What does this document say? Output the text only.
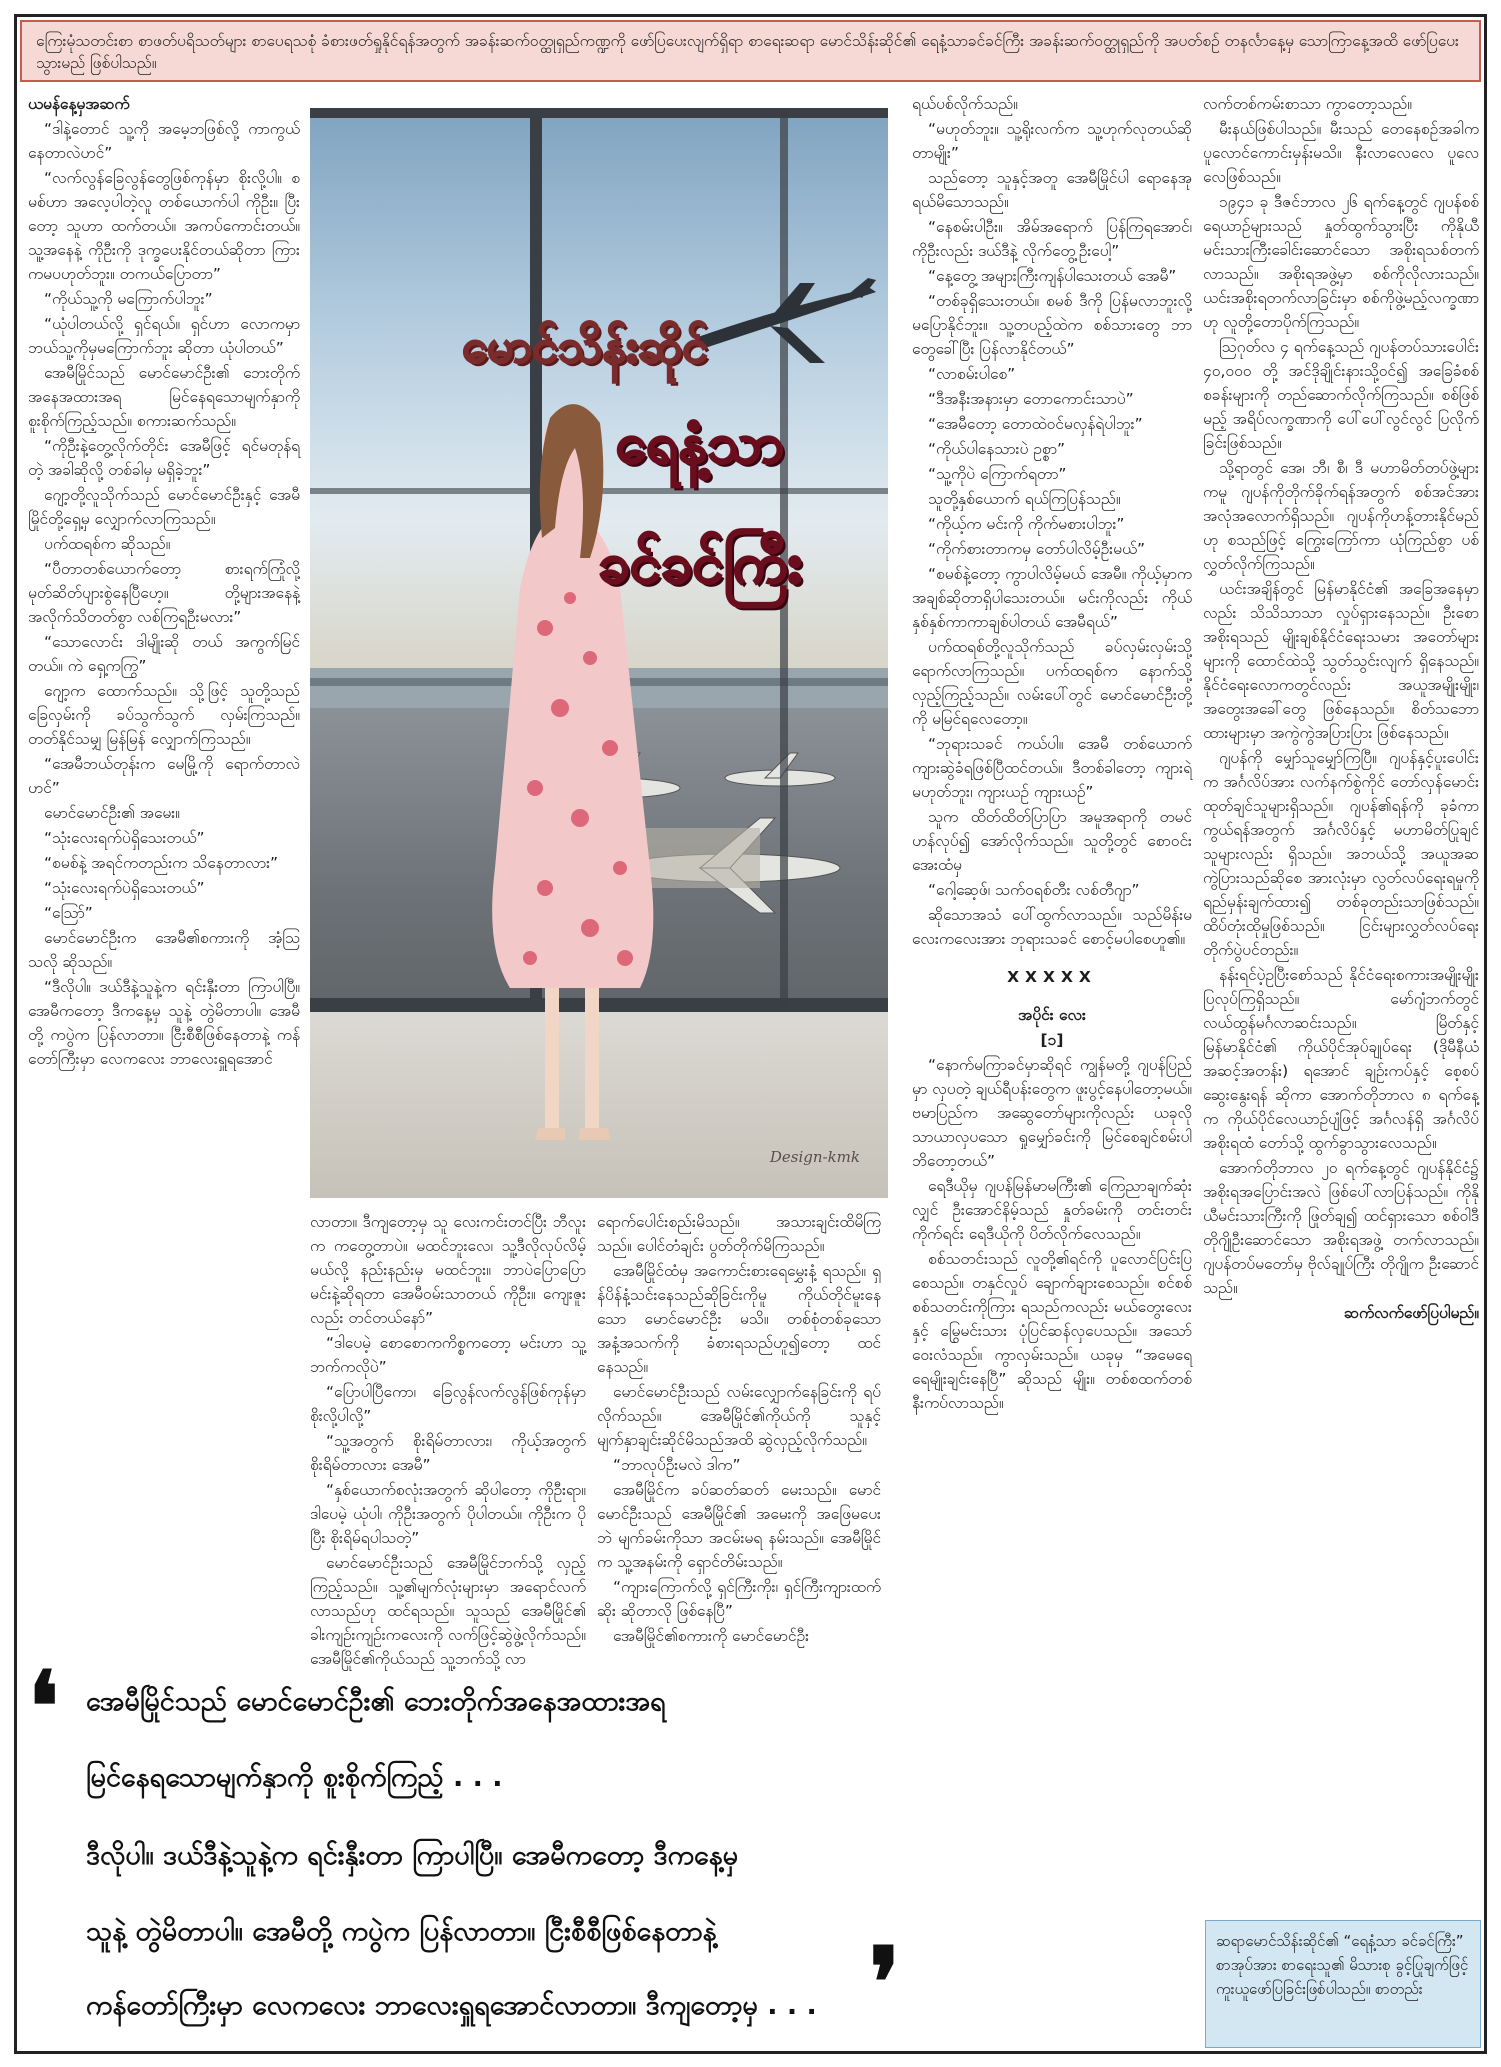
ကြေးမုံသတင်းစာ စာဖတ်ပရိသတ်များ စာပေရသစုံ ခံစားဖတ်ရှုနိုင်ရန်အတွက် အခန်းဆက်ဝတ္ထုရှည်ကဏ္ဍကို ဖော်ပြပေးလျက်ရှိရာ စာရေးဆရာ မောင်သိန်းဆိုင်၏ ရေနံ့သာခင်ခင်ကြီး အခန်းဆက်ဝတ္ထုရှည်ကို အပတ်စဉ် တနင်္လာနေ့မှ သောကြာနေ့အထိ ဖော်ပြပေးသွားမည် ဖြစ်ပါသည်။

ယမန်နေ့မှအဆက်

“ဒါနဲ့တောင် သူ့ကို အမေ့ဘဖြစ်လို့ ကာကွယ်နေတာလဲဟင်”

“လက်လွန်ခြေလွန်တွေဖြစ်ကုန်မှာ စိုးလို့ပါ။ စမစ်ဟာ အလေ့ပါတဲ့လူ တစ်ယောက်ပါ ကိုဦး။ ပြီးတော့ သူဟာ ထက်တယ်။ အကပ်ကောင်းတယ်။ သူ့အနေနဲ့ ကိုဦးကို ဒုက္ခပေးနိုင်တယ်ဆိုတာ ကြားကမပဟုတ်ဘူး။ တကယ်ပြောတာ”

“ကိုယ်သူ့ကို မကြောက်ပါဘူး”

“ယုံပါတယ်လို့ ရှင်ရယ်။ ရှင်ဟာ လောကမှာ ဘယ်သူ့ကိုမှမကြောက်ဘူး ဆိုတာ ယုံပါတယ်”

အေမီမြိုင်သည် မောင်မောင်ဦး၏ ဘေးတိုက်အနေအထားအရ မြင်နေရသောမျက်နှာကို စူးစိုက်ကြည့်သည်။ စကားဆက်သည်။

“ကိုဦးနဲ့တွေ့လိုက်တိုင်း အေမီဖြင့် ရင်မတုန်ရတဲ့ အခါဆိုလို့ တစ်ခါမှ မရှိခဲ့ဘူး”

ဂျော့တို့လူသိုက်သည် မောင်မောင်ဦးနှင့် အေမီမြိုင်တို့ရှေ့မှ လျှောက်လာကြသည်။

ပက်ထရစ်က ဆိုသည်။

“ပီတာတစ်ယောက်တော့ စားရက်ကြုံလို့ မုတ်ဆိတ်ပျားစွဲနေပြီဟေ့။ တို့များအနေနဲ့ အလိုက်သိတတ်စွာ လစ်ကြရဦးမလား”

“သောလောင်း ဒါမျိုးဆို တယ် အကွက်မြင်တယ်။ ကဲ ရှေ့ကကြွ”

ဂျော့က ထောက်သည်။ သို့ဖြင့် သူတို့သည် ခြေလှမ်းကို ခပ်သွက်သွက် လှမ်းကြသည်။ တတ်နိုင်သမျှ မြန်မြန် လျှောက်ကြသည်။

“အေမီဘယ်တုန်းက မေမြို့ကို ရောက်တာလဲဟင်”

မောင်မောင်ဦး၏ အမေး။

“သုံးလေးရက်ပဲရှိသေးတယ်”

“စမစ်နဲ့ အရင်ကတည်းက သိနေတာလား”

“သုံးလေးရက်ပဲရှိသေးတယ်”

“ဩော်”

မောင်မောင်ဦးက အေမီ၏စကားကို အံ့ဩသလို ဆိုသည်။

“ဒီလိုပါ။ ဒယ်ဒီနဲ့သူနဲ့က ရင်းနှီးတာ ကြာပါပြီ။ အေမီကတော့ ဒီကနေ့မှ သူနဲ့ တွဲမိတာပါ။ အေမီတို့ ကပွဲက ပြန်လာတာ။ ငြီးစီစီဖြစ်နေတာနဲ့ ကန်တော်ကြီးမှာ လေကလေး ဘာလေးရှူရအောင်

မောင်သိန်းဆိုင်
ရေနံ့သာ
ခင်ခင်ကြီး
Design-kmk

လာတာ။ ဒီကျတော့မှ သူ လေးကင်းတင်ပြီး ဘီလူးက ကတွေ့တာပဲ။ မထင်ဘူးလေ၊ သူ့ဒီလိုလုပ်လိမ့်မယ်လို့ နည်းနည်းမှ မထင်ဘူး။ ဘာပဲပြောပြော မင်းနဲ့ဆိုရတာ အေမီဝမ်းသာတယ် ကိုဦး။ ကျေးဇူးလည်း တင်တယ်နော်”

“ဒါပေမဲ့ စောစောကကိစ္စကတော့ မင်းဟာ သူ့ဘက်ကလိုပဲ”

“ပြောပါပြီကော၊ ခြေလွန်လက်လွန်ဖြစ်ကုန်မှာစိုးလို့ပါလို့”

“သူ့အတွက် စိုးရိမ်တာလား၊ ကိုယ့်အတွက် စိုးရိမ်တာလား အေမီ”

“နှစ်ယောက်စလုံးအတွက် ဆိုပါတော့ ကိုဦးရာ။ ဒါပေမဲ့ ယုံပါ၊ ကိုဦးအတွက် ပိုပါတယ်။ ကိုဦးက ပိုပြီး စိုးရိမ်ရပါသတဲ့”

မောင်မောင်ဦးသည် အေမီမြိုင်ဘက်သို့ လှည့်ကြည့်သည်။ သူ့၏မျက်လုံးများမှာ အရောင်လက်လာသည်ဟု ထင်ရသည်။ သူသည် အေမီမြိုင်၏ ခါးကျဉ်းကျဉ်းကလေးကို လက်ဖြင့်ဆွဲဖွဲ့လိုက်သည်။ အေမီမြိုင်၏ကိုယ်သည် သူ့ဘက်သို့ လာ

ရောက်ပေါင်းစည်းမိသည်။ အသားချင်းထိမိကြသည်။ ပေါင်တံချင်း ပွတ်တိုက်မိကြသည်။

အေမီမြိုင်ထံမှ အကောင်းစားရေမွှေးနံ့ ရသည်။ ရှန်ပိန်နံ့သင်းနေသည်ဆိုခြင်းကိုမူ ကိုယ်တိုင်မူးနေသော မောင်မောင်ဦး မသိ။ တစ်စုံတစ်ခုသော အနံ့အသက်ကို ခံစားရသည်ဟူ၍တော့ ထင်နေသည်။

မောင်မောင်ဦးသည် လမ်းလျှောက်နေခြင်းကို ရပ်လိုက်သည်။ အေမီမြိုင်၏ကိုယ်ကို သူနှင့် မျက်နှာချင်းဆိုင်မိသည်အထိ ဆွဲလှည့်လိုက်သည်။

“ဘာလုပ်ဦးမလဲ ဒါက”

အေမီမြိုင်က ခပ်ဆတ်ဆတ် မေးသည်။ မောင်မောင်ဦးသည် အေမီမြိုင်၏ အမေးကို အဖြေမပေးဘဲ မျက်ခမ်းကိုသာ အငမ်းမရ နမ်းသည်။ အေမီမြိုင်က သူ့အနမ်းကို ရှောင်တိမ်းသည်။

“ကျားကြောက်လို့ ရှင်ကြီးကိုး၊ ရှင်ကြီးကျားထက်ဆိုး ဆိုတာလို ဖြစ်နေပြီ”

အေမီမြိုင်၏စကားကို မောင်မောင်ဦး

ရယ်ပစ်လိုက်သည်။

“မဟုတ်ဘူး။ သူ့ရိုးလက်က သူ့ဟုက်လုတယ်ဆိုတာမျိုး”

သည်တော့ သူနှင့်အတူ အေမီမြိုင်ပါ ရောနေအုရယ်မိသောသည်။

“နေစမ်းပါဦး။ အိမ်အရောက် ပြန်ကြရအောင်၊ ကိုဦးလည်း ဒယ်ဒီနဲ့ လိုက်တွေ့ဦးပေါ့”

“နေ့တွေ့ အများကြီးကျန်ပါသေးတယ် အေမီ”

“တစ်ခုရှိသေးတယ်။ စမစ် ဒီကို ပြန်မလာဘူးလို့ မပြောနိုင်ဘူး။ သူ့တပည့်ထဲက စစ်သားတွေ ဘာတွေခေါ်ပြီး ပြန်လာနိုင်တယ်”

“လာစမ်းပါစေ”

“ဒီအနီးအနားမှာ တောကောင်းသာပဲ”

“အေမီတော့ တောထဲဝင်မလှန်ရဲပါဘူး”

“ကိုယ်ပါနေသားပဲ ဥစ္စာ”

“သူ့ကိုပဲ ကြောက်ရတာ”

သူတို့နှစ်ယောက် ရယ်ကြပြန်သည်။

“ကိုယ့်က မင်းကို ကိုက်မစားပါဘူး”

“ကိုက်စားတာကမှ တော်ပါလိမ့်ဦးမယ်”

“စမစ်နဲ့တော့ ကွာပါလိမ့်မယ် အေမီ။ ကိုယ့်မှာက အချစ်ဆိုတာရှိပါသေးတယ်။ မင်းကိုလည်း ကိုယ် နှစ်နှစ်ကာကာချစ်ပါတယ် အေမီရယ်”

ပက်ထရစ်တို့လူသိုက်သည် ခပ်လှမ်းလှမ်းသို့ ရောက်လာကြသည်။ ပက်ထရစ်က နောက်သို့ လှည့်ကြည့်သည်။ လမ်းပေါ်တွင် မောင်မောင်ဦးတို့ကို မမြင်ရလေတော့။

“ဘုရားသခင် ကယ်ပါ။ အေမီ တစ်ယောက် ကျားဆွဲခံရဖြစ်ပြီထင်တယ်။ ဒီတစ်ခါတော့ ကျားရဲမဟုတ်ဘူး၊ ကျားယဉ် ကျားယဉ်”

သူက ထိတ်ထိတ်ပြာပြာ အမူအရာကို တမင်ဟန်လုပ်၍ အော်လိုက်သည်။ သူတို့တွင် စောဝင်းအေးထံမှ

“ဂေါ့ဆေ့ဖ်၊ သက်ဝရစ်တီး လစ်တီဂျာ”

ဆိုသောအသံ ပေါ်ထွက်လာသည်။ သည်မိန်းမလေးကလေးအား ဘုရားသခင် စောင့်မပါစေဟူ၏။

XXXXX

အပိုင်း လေး

[၁]

“နောက်မကြာခင်မှာဆိုရင် ကျွန်မတို့ ဂျပန်ပြည်မှာ လှပတဲ့ ချယ်ရီပန်းတွေက ဖူးပွင့်နေပါတော့မယ်။ ဗမာပြည်က အဆွေတော်များကိုလည်း ယခုလိုသာယာလှပသော ရှုမျှော်ခင်းကို မြင်စေချင်စမ်းပါဘိတော့တယ်”

ရေဒီယိုမှ ဂျပန်မြန်မာမကြီး၏ ကြေညာချက်ဆုံးလျှင် ဦးအောင်နိမ့်သည် နှုတ်ခမ်းကို တင်းတင်းကိုက်ရင်း ရေဒီယိုကို ပိတ်လိုက်လေသည်။

စစ်သတင်းသည် လူတို့၏ရင်ကို ပူလောင်ပြင်းပြစေသည်။ တနှင်လှုပ် ချောက်ချားစေသည်။ စင်စစ် စစ်သတင်းကိုကြား ရသည်ကလည်း မယ်တွေးလေးနှင့် မြွေမင်းသား ပုံပြင်ဆန်လှပေသည်။ အသော် ဝေးလံသည်။ ကွာလှမ်းသည်။ ယခုမှ “အမေရေ ရေမျိုးချင်းနေပြီ” ဆိုသည် မျိုး။ တစ်စထက်တစ် နီးကပ်လာသည်။

လက်တစ်ကမ်းစာသာ ကွာတော့သည်။

မီးနယ်ဖြစ်ပါသည်။ မီးသည် တေနေစဉ်အခါက ပူလောင်ကောင်းမှန်းမသိ။ နီးလာလေလေ ပူလေလေဖြစ်သည်။

၁၉၄၁ ခု ဒီဇင်ဘာလ ၂၆ ရက်နေ့တွင် ဂျပန်စစ်ရေယာဉ်များသည် နှုတ်ထွက်သွားပြီး ကိုနိုယီမင်းသားကြီးခေါင်းဆောင်သော အစိုးရသစ်တက်လာသည်။ အစိုးရအဖွဲ့မှာ စစ်ကိုလိုလားသည်။ ယင်းအစိုးရတက်လာခြင်းမှာ စစ်ကိုဖွဲ့မည့်လက္ခဏာဟု လူတို့တောပိုက်ကြသည်။

ဩဂုတ်လ ၄ ရက်နေ့သည် ဂျပန်တပ်သားပေါင်း ၄၀,၀၀၀ တို့ အင်ဒိုချိုင်းနားသို့ဝင်၍ အခြေခံစစ်စခန်းများကို တည်ဆောက်လိုက်ကြသည်။ စစ်ဖြစ်မည့် အရိပ်လက္ခဏာကို ပေါ်ပေါ်လွင်လွင် ပြလိုက်ခြင်းဖြစ်သည်။

သို့ရာတွင် အေ၊ ဘီ၊ စီ၊ ဒီ မဟာမိတ်တပ်ဖွဲ့များကမူ ဂျပန်ကိုတိုက်ခိုက်ရန်အတွက် စစ်အင်အားအလုံအလောက်ရှိသည်။ ဂျပန်ကိုဟန့်တားနိုင်မည်ဟု စသည်ဖြင့် ကြွေးကြော်ကာ ယုံကြည်စွာ ပစ်လွှတ်လိုက်ကြသည်။

ယင်းအချိန်တွင် မြန်မာနိုင်ငံ၏ အခြေအနေမှာလည်း သိသိသာသာ လှုပ်ရှားနေသည်။ ဦးစောအစိုးရသည် မျိုးချစ်နိုင်ငံရေးသမား အတော်များများကို ထောင်ထဲသို့ သွတ်သွင်းလျက် ရှိနေသည်။ နိုင်ငံရေးလောကတွင်လည်း အယူအမျိုးမျိုး၊ အတွေးအခေါ်တွေ ဖြစ်နေသည်။ စိတ်သဘောထားများမှာ အကွဲကွဲအပြားပြား ဖြစ်နေသည်။

ဂျပန်ကို မျှော်သူမျှော်ကြပြီ။ ဂျပန်နှင့်ပူးပေါင်းက အင်္ဂလိပ်အား လက်နက်စွဲကိုင် တော်လှန်မောင်းထုတ်ချင်သူများရှိသည်။ ဂျပန်၏ရန်ကို ခုခံကာကွယ်ရန်အတွက် အင်္ဂလိပ်နှင့် မဟာမိတ်ပြုချင်သူများလည်း ရှိသည်။ အဘယ်သို့ အယူအဆကွဲပြားသည်ဆိုစေ အားလုံးမှာ လွတ်လပ်ရေးရမှုကို ရည်မှန်းချက်ထား၍ တစ်ခုတည်းသာဖြစ်သည်။ ထိပ်တုံးထိုမှုဖြစ်သည်။ ငြင်းများလွှတ်လပ်ရေးတိုက်ပွဲပင်တည်း။

နန်းရင်ပဲ့ဥပြီးစော်သည် နိုင်ငံရေးစကားအမျိုးမျိုး ပြလုပ်ကြရှိသည်။ မော်ဂျံဘက်တွင် လယ်ထွန်မင်္ဂလာဆင်းသည်။ မြိတ်နှင့် မြန်မာနိုင်ငံ၏ ကိုယ်ပိုင်အုပ်ချုပ်ရေး (ဒိုမီနီယံ အဆင့်အတန်း) ရအောင် ချဉ်းကပ်နှင့် စေ့စပ်ဆွေးနွေးရန် ဆိုကာ အောက်တိုဘာလ ၈ ရက်နေ့က ကိုယ်ပိုင်လေယာဉ်ပျံဖြင့် အင်္ဂလန်ရှိ အင်္ဂလိပ်အစိုးရထံ တော်သို့ ထွက်ခွာသွားလေသည်။

အောက်တိုဘာလ ၂၀ ရက်နေ့တွင် ဂျပန်နိုင်ငံ၌ အစိုးရအပြောင်းအလဲ ဖြစ်ပေါ်လာပြန်သည်။ ကိုနိုယီမင်းသားကြီးကို ဖြုတ်ချ၍ ထင်ရှားသော စစ်ဝါဒီ တိုဂျိုဦးဆောင်သော အစိုးရအဖွဲ့ တက်လာသည်။ ဂျပန်တပ်မတော်မှ ဗိုလ်ချုပ်ကြီး တိုဂျိုက ဦးဆောင်သည်။

ဆက်လက်ဖော်ပြပါမည်။

ဆရာမောင်သိန်းဆိုင်၏ “ရေနံ့သာ ခင်ခင်ကြီး” စာအုပ်အား စာရေးသူ၏ မိသားစု ခွင့်ပြုချက်ဖြင့် ကူးယူဖော်ပြခြင်းဖြစ်ပါသည်။ စာတည်း
❛ အေမီမြိုင်သည် မောင်မောင်ဦး၏ ဘေးတိုက်အနေအထားအရ
မြင်နေရသောမျက်နှာကို စူးစိုက်ကြည့် . . .
ဒီလိုပါ။ ဒယ်ဒီနဲ့သူနဲ့က ရင်းနှီးတာ ကြာပါပြီ။ အေမီကတော့ ဒီကနေ့မှ
သူနဲ့ တွဲမိတာပါ။ အေမီတို့ ကပွဲက ပြန်လာတာ။ ငြီးစီစီဖြစ်နေတာနဲ့
ကန်တော်ကြီးမှာ လေကလေး ဘာလေးရှူရအောင်လာတာ။ ဒီကျတော့မှ . . . ❜
